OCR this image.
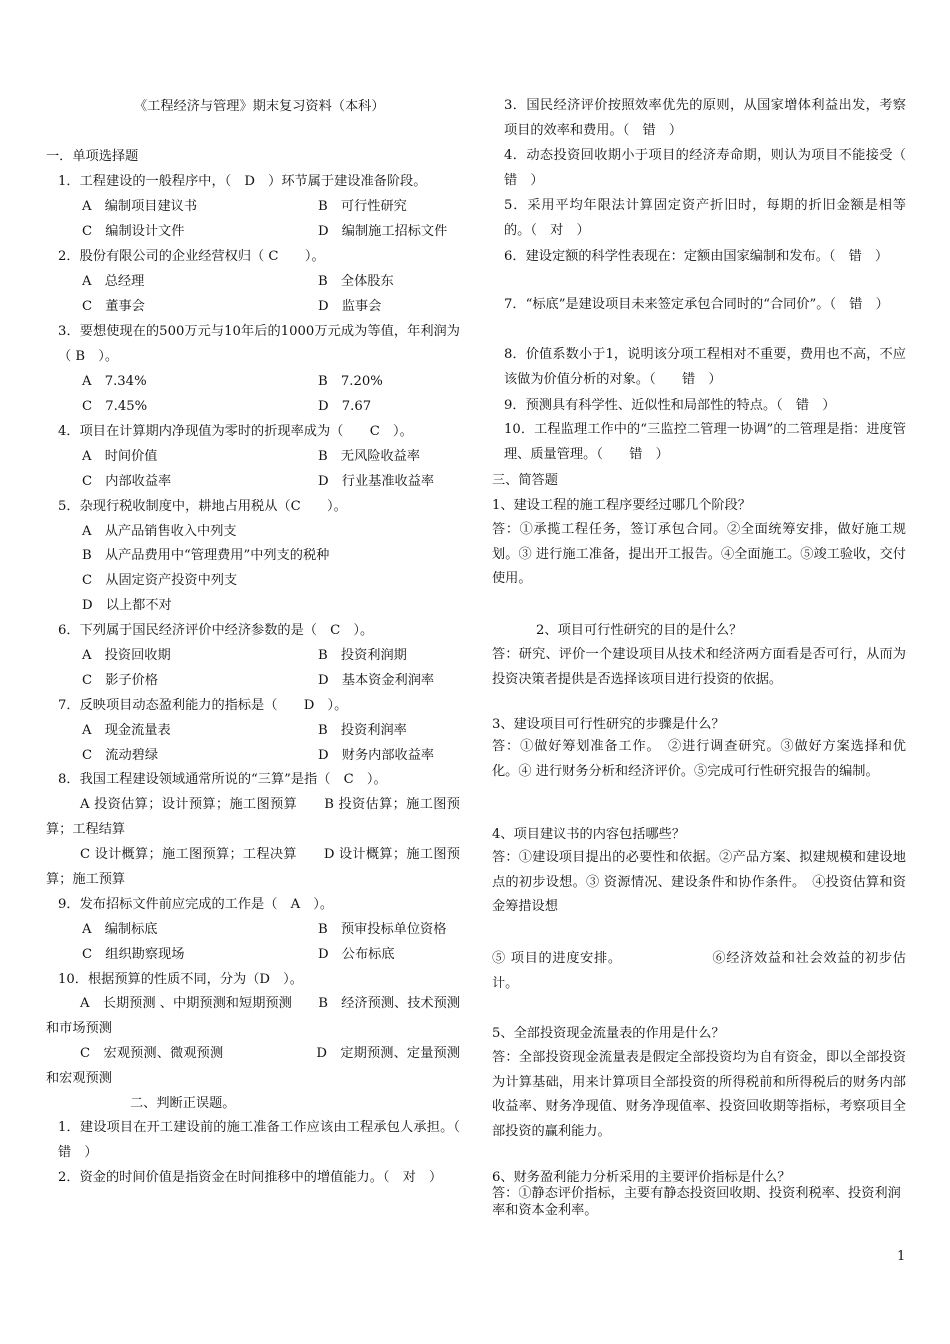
《工程经济与管理》期末复习资料（本科）
一．单项选择题
1．工程建设的一般程序中，（　D　）环节属于建设准备阶段。
A　编制项目建议书	B　可行性研究
C　编制设计文件	D　编制施工招标文件
2．股份有限公司的企业经营权归（ C　　）。
A　总经理	B　全体股东
C　董事会	D　监事会
3．要想使现在的500万元与10年后的1000万元成为等值，年利润为（ B　）。
A　7.34%	B　7.20%
C　7.45%	D　7.67
4．项目在计算期内净现值为零时的折现率成为（　　C　）。
A　时间价值	B　无风险收益率
C　内部收益率	D　行业基准收益率
5．杂现行税收制度中，耕地占用税从（C　　）。
A　从产品销售收入中列支
B　从产品费用中“管理费用”中列支的税种
C　从固定资产投资中列支
D　以上都不对
6．下列属于国民经济评价中经济参数的是（　C　）。
A　投资回收期	B　投资利润期
C　影子价格	D　基本资金利润率
7．反映项目动态盈利能力的指标是（　　D　）。
A　现金流量表	B　投资利润率
C　流动碧绿	D　财务内部收益率
8．我国工程建设领域通常所说的“三算”是指（　C　）。
A 投资估算；设计预算；施工图预算　　B 投资估算；施工图预算；工程结算
C 设计概算；施工图预算；工程决算　　D 设计概算；施工图预算；施工预算
9．发布招标文件前应完成的工作是（　A　）。
A　编制标底	B　预审投标单位资格
C　组织勘察现场	D　公布标底
10．根据预算的性质不同，分为（D　）。
A　长期预测 、中期预测和短期预测　　B　经济预测、技术预测和市场预测
C　宏观预测、微观预测　　　　　　　D　定期预测、定量预测和宏观预测
二、判断正误题。
1．建设项目在开工建设前的施工准备工作应该由工程承包人承担。（　错　）
2．资金的时间价值是指资金在时间推移中的增值能力。（　对　）
3．国民经济评价按照效率优先的原则，从国家增体利益出发，考察项目的效率和费用。（　错　）
4．动态投资回收期小于项目的经济寿命期，则认为项目不能接受（　　错　）
5．采用平均年限法计算固定资产折旧时，每期的折旧金额是相等的。（　对　）
6．建设定额的科学性表现在：定额由国家编制和发布。（　错　）
7．“标底”是建设项目未来签定承包合同时的“合同价”。（　错　）
8．价值系数小于1，说明该分项工程相对不重要，费用也不高，不应该做为价值分析的对象。（　　错　）
9．预测具有科学性、近似性和局部性的特点。（　错　）
10．工程监理工作中的“三监控二管理一协调”的二管理是指：进度管理、质量管理。（　　错　）
三、简答题
1、建设工程的施工程序要经过哪几个阶段？
答：①承揽工程任务，签订承包合同。②全面统筹安排，做好施工规划。③ 进行施工准备，提出开工报告。④全面施工。⑤竣工验收，交付使用。
2、项目可行性研究的目的是什么？
答：研究、评价一个建设项目从技术和经济两方面看是否可行，从而为投资决策者提供是否选择该项目进行投资的依据。
3、建设项目可行性研究的步骤是什么？
答：①做好筹划准备工作。　②进行调查研究。③做好方案选择和优化。④ 进行财务分析和经济评价。⑤完成可行性研究报告的编制。
4、项目建议书的内容包括哪些？
答：①建设项目提出的必要性和依据。②产品方案、拟建规模和建设地点的初步设想。③ 资源情况、建设条件和协作条件。　④投资估算和资金筹措设想
⑤ 项目的进度安排。　　　　　　　⑥经济效益和社会效益的初步估计。
5、全部投资现金流量表的作用是什么？
答：全部投资现金流量表是假定全部投资均为自有资金，即以全部投资为计算基础，用来计算项目全部投资的所得税前和所得税后的财务内部收益率、财务净现值、财务净现值率、投资回收期等指标，考察项目全部投资的赢利能力。
6、财务盈利能力分析采用的主要评价指标是什么？
答：①静态评价指标，主要有静态投资回收期、投资利税率、投资利润率和资本金利率。
1
